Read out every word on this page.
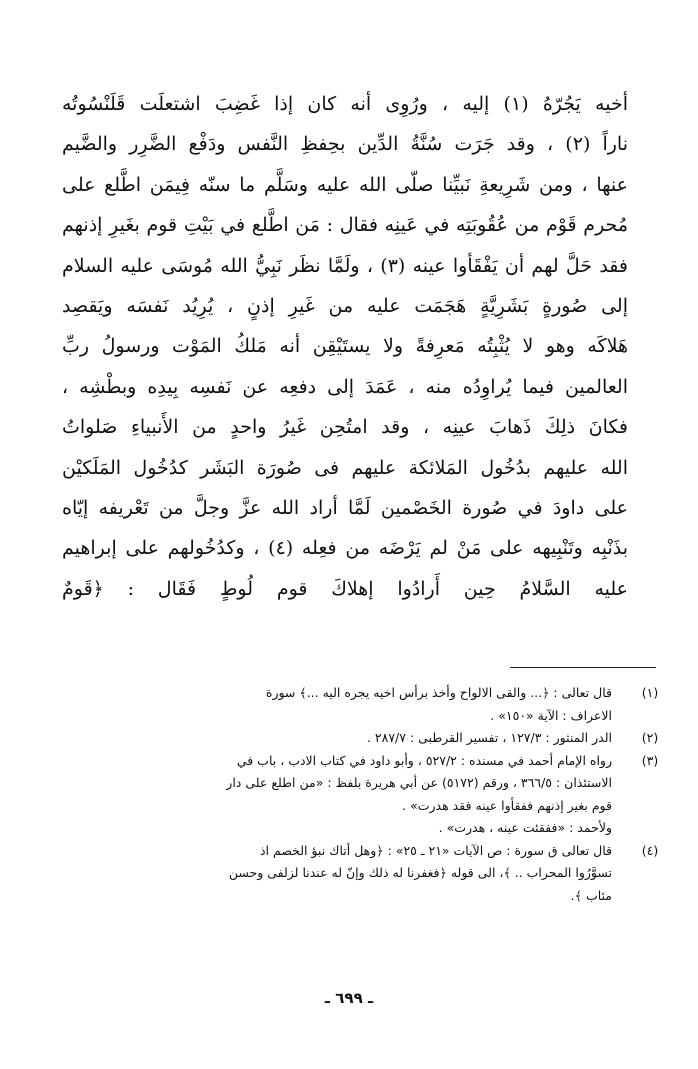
أخيه يَجُرّهُ (١) إليه ، ورُوِى أنه كان إذا غَضِبَ اشتعلَت قَلَنْسُوتُه
ناراً (٢) ، وقد جَرَت سُنَّةُ الدِّين بحِفظِ النَّفس ودَفْع الضَّرِر والضَّيم
عنها ، ومن شَرِيعةِ نَبيِّنا صلّى الله عليه وسَلَّم ما سنّه فِيمَن اطَّلع على
مُحرم قَوْم من عُقُوبَتِه في عَينِه فقال : مَن اطَّلع في بَيْتِ قوم بغَيرِ إذنهم
فقد حَلَّ لهم أن يَفْقَأوا عينه (٣) ، ولَمَّا نظَر نَبِيُّ الله مُوسَى عليه السلام
إلى صُورةٍ بَشَرِيَّةٍ هَجَمَت عليه من غَيرِ إذنٍ ، يُرِيُد نَفسَه ويَقصِد
هَلاكَه وهو لا يُثْبِتُه مَعرِفةً ولا يستَيْقِن أنه مَلكُ المَوْت ورسولُ ربِّ
العالمين فيما يُراوِدُه منه ، عَمَدَ إلى دفعِه عن نَفسِه بِيدِه وبطْشِه ،
فكانَ ذلِكَ ذَهابَ عينِه ، وقد امتُحِن غَيرُ واحدٍ من الأَنبياءِ صَلواتُ
الله عليهم بدُخُول المَلائكة عليهم فى صُورَة البَشَر كدُخُول المَلَكيْن
على داودَ في صُورة الخَصْمين لَمَّا أراد الله عزَّ وجلَّ من تَعْريفه إيّاه
بذَنْبِه وتَنْبِيهه على مَنْ لم يَرْضَه من فعِله (٤) ، وكدُخُولهم على إبراهيم
عليه السَّلامُ حِين أَرادُوا إهلاكَ قوم لُوطٍ فَقَال : ﴿قَومٌ
(١)
قال تعالى : ﴿... والقى الالواح وأخذ برأس اخيه يجره اليه ...﴾ سورة
الاعراف : الآية «١٥٠» .
(٢)
الدر المنثور : ١٢٧/٣ ، تفسير القرطبى : ٢٨٧/٧ .
(٣)
رواه الإمام أحمد في مسنده : ٥٢٧/٢ ، وأبو داود في كتاب الادب ، باب في
الاستئذان : ٣٦٦/٥ ، ورقم (٥١٧٢) عن أبي هريرة بلفظ : «من اطلع على دار
قوم بغير إذنهم ففقأوا عينه فقد هدرت» .
ولأحمد : «ففقئت عينه ، هدرت» .
(٤)
قال تعالى ق سورة : ص الآيات «٢١ ـ ٢٥» : ﴿وهل أتاك نبؤ الخصم اذ
تسوَّرُوا المحراب .. ﴾، الى قوله ﴿فغفرنا له ذلك وإنّ له عندنا لزلفى وحسن
مئاب ﴾.
ـ ٦٩٩ ـ
